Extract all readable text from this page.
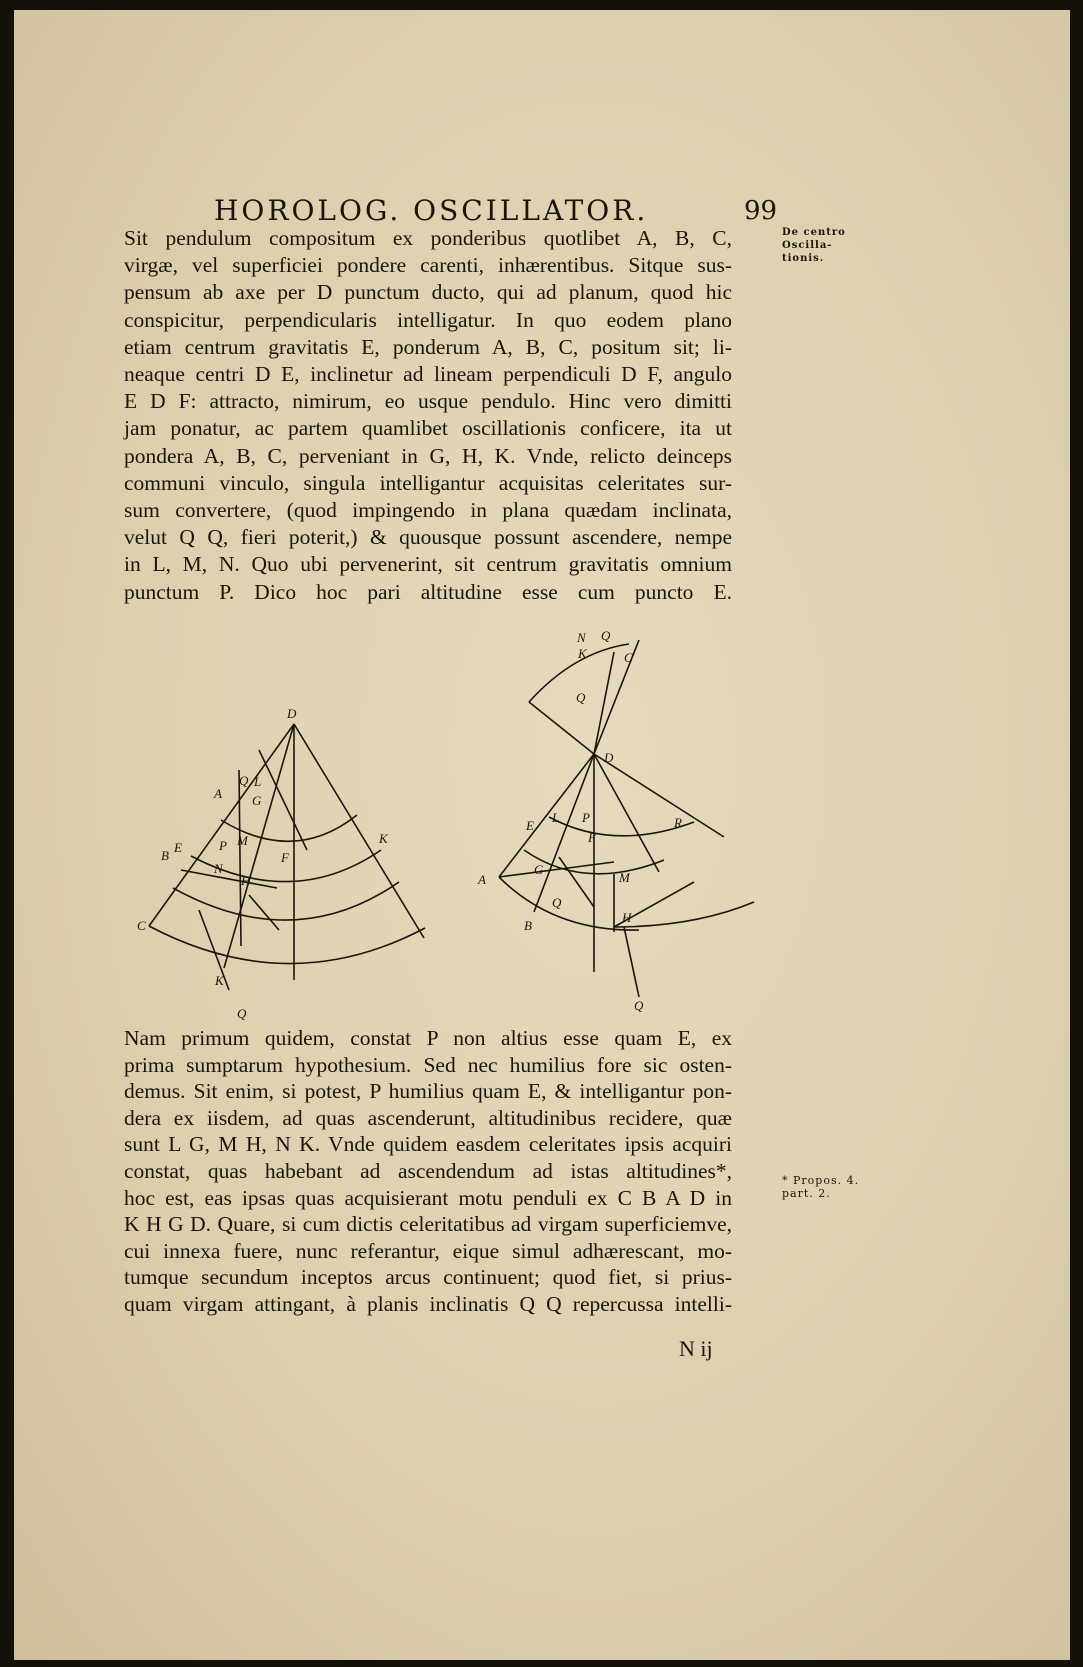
HOROLOG. OSCILLATOR.	99
De centro
Oscilla-
tionis.
* Propos. 4.
part. 2.
Sit pendulum compositum ex ponderibus quotlibet A, B, C,
virgæ, vel superficiei pondere carenti, inhærentibus. Sitque sus-
pensum ab axe per D punctum ducto, qui ad planum, quod hic
conspicitur, perpendicularis intelligatur. In quo eodem plano
etiam centrum gravitatis E, ponderum A, B, C, positum sit; li-
neaque centri D E, inclinetur ad lineam perpendiculi D F, angulo
E D F: attracto, nimirum, eo usque pendulo. Hinc vero dimitti
jam ponatur, ac partem quamlibet oscillationis conficere, ita ut
pondera A, B, C, perveniant in G, H, K. Vnde, relicto deinceps
communi vinculo, singula intelligantur acquisitas celeritates sur-
sum convertere, (quod impingendo in plana quædam inclinata,
velut Q Q, fieri poterit,) & quousque possunt ascendere, nempe
in L, M, N. Quo ubi pervenerint, sit centrum gravitatis omnium
punctum P. Dico hoc pari altitudine esse cum puncto E.
D
A
L
Q
G
E	P M
B	F
N
H
K
C
K
Q
N Q
K	C
Q
D
E
L P
F
R
A
G
M
Q
H
B
Q
Nam primum quidem, constat P non altius esse quam E, ex
prima sumptarum hypothesium. Sed nec humilius fore sic osten-
demus. Sit enim, si potest, P humilius quam E, & intelligantur pon-
dera ex iisdem, ad quas ascenderunt, altitudinibus recidere, quæ
sunt L G, M H, N K. Vnde quidem easdem celeritates ipsis acquiri
constat, quas habebant ad ascendendum ad istas altitudines*,
hoc est, eas ipsas quas acquisierant motu penduli ex C B A D in
K H G D. Quare, si cum dictis celeritatibus ad virgam superficiemve,
cui innexa fuere, nunc referantur, eique simul adhærescant, mo-
tumque secundum inceptos arcus continuent; quod fiet, si prius-
quam virgam attingant, à planis inclinatis Q Q repercussa intelli-
N ij
